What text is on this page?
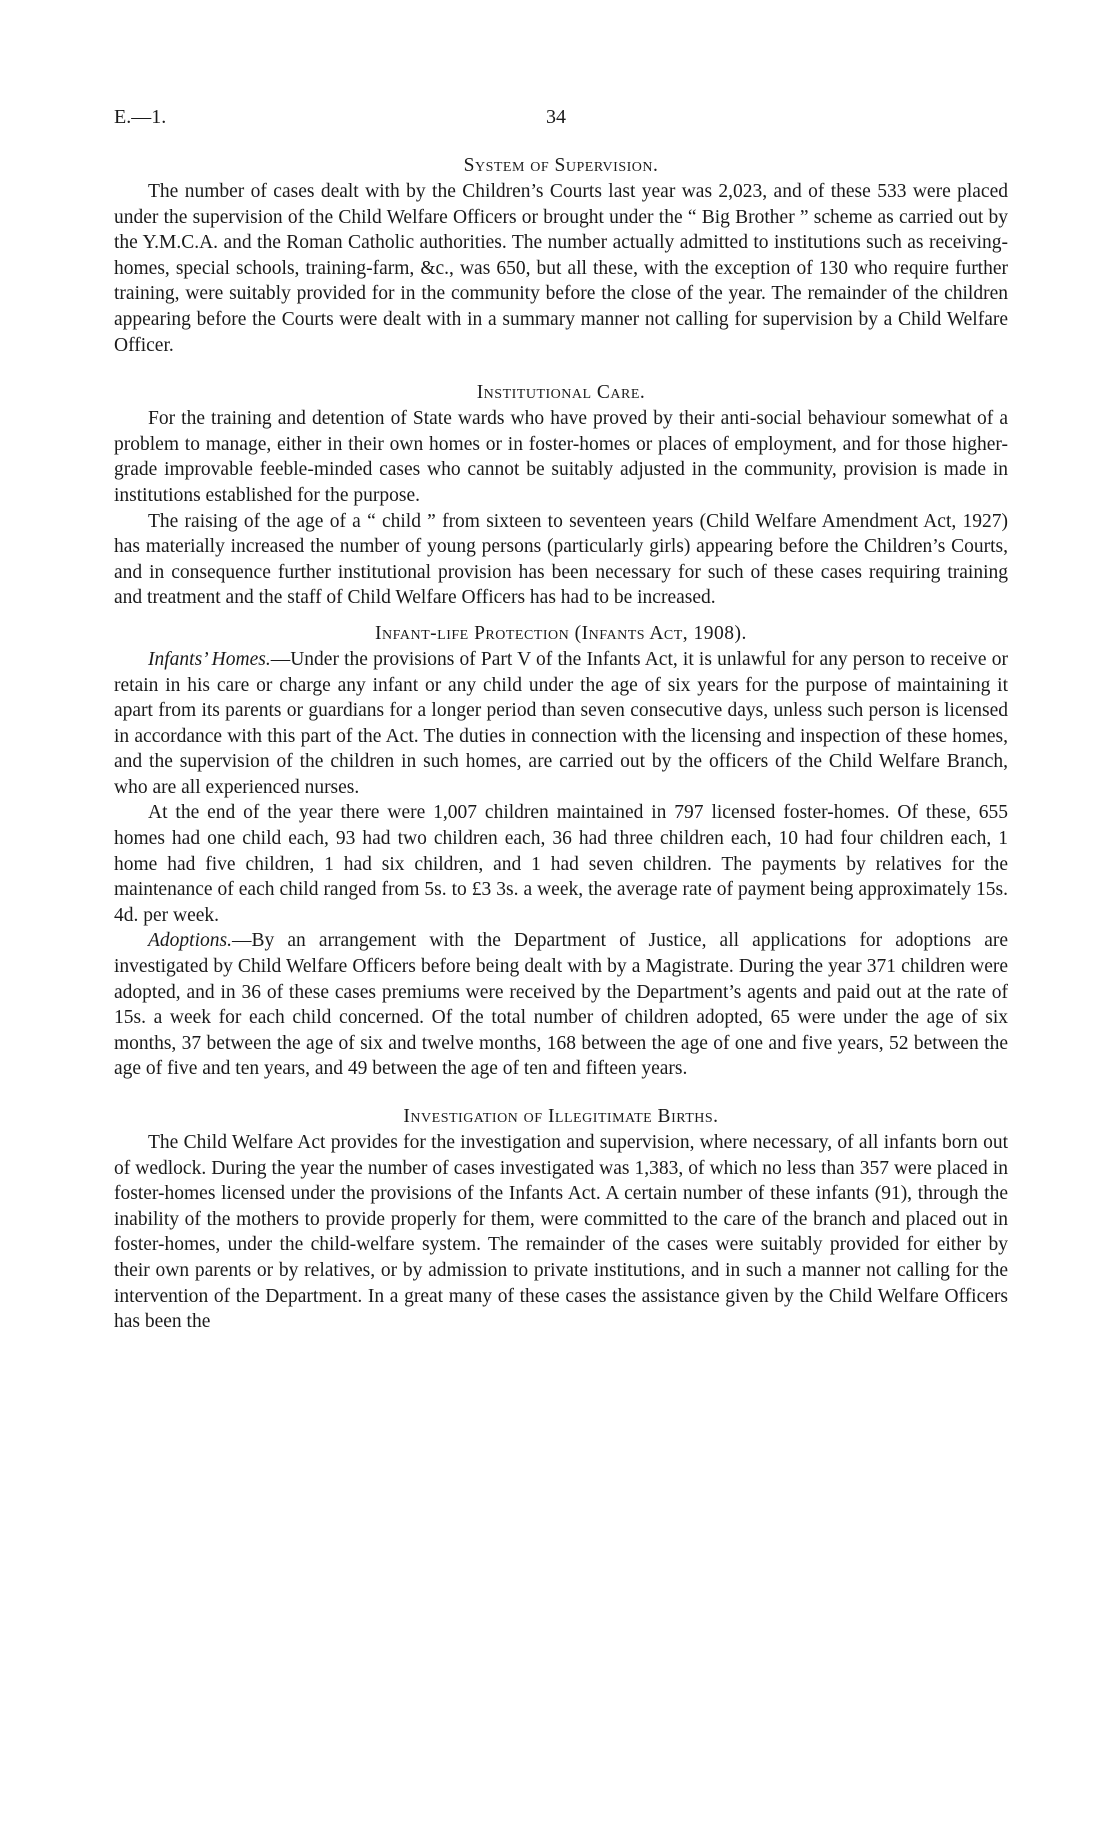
E.—1.	34
System of Supervision.

The number of cases dealt with by the Children’s Courts last year was 2,023, and of these 533 were placed under the supervision of the Child Welfare Officers or brought under the “ Big Brother ” scheme as carried out by the Y.M.C.A. and the Roman Catholic authorities. The number actually admitted to institutions such as receiving-homes, special schools, training-farm, &c., was 650, but all these, with the exception of 130 who require further training, were suitably provided for in the community before the close of the year. The remainder of the children appearing before the Courts were dealt with in a summary manner not calling for supervision by a Child Welfare Officer.

Institutional Care.

For the training and detention of State wards who have proved by their anti-social behaviour somewhat of a problem to manage, either in their own homes or in foster-homes or places of employment, and for those higher-grade improvable feeble-minded cases who cannot be suitably adjusted in the community, provision is made in institutions established for the purpose.

The raising of the age of a “ child ” from sixteen to seventeen years (Child Welfare Amendment Act, 1927) has materially increased the number of young persons (particularly girls) appearing before the Children’s Courts, and in consequence further institutional provision has been necessary for such of these cases requiring training and treatment and the staff of Child Welfare Officers has had to be increased.

Infant-life Protection (Infants Act, 1908).

Infants’ Homes.—Under the provisions of Part V of the Infants Act, it is unlawful for any person to receive or retain in his care or charge any infant or any child under the age of six years for the purpose of maintaining it apart from its parents or guardians for a longer period than seven consecutive days, unless such person is licensed in accordance with this part of the Act. The duties in connection with the licensing and inspection of these homes, and the supervision of the children in such homes, are carried out by the officers of the Child Welfare Branch, who are all experienced nurses.

At the end of the year there were 1,007 children maintained in 797 licensed foster-homes. Of these, 655 homes had one child each, 93 had two children each, 36 had three children each, 10 had four children each, 1 home had five children, 1 had six children, and 1 had seven children. The payments by relatives for the maintenance of each child ranged from 5s. to £3 3s. a week, the average rate of payment being approximately 15s. 4d. per week.

Adoptions.—By an arrangement with the Department of Justice, all applications for adoptions are investigated by Child Welfare Officers before being dealt with by a Magistrate. During the year 371 children were adopted, and in 36 of these cases premiums were received by the Department’s agents and paid out at the rate of 15s. a week for each child concerned. Of the total number of children adopted, 65 were under the age of six months, 37 between the age of six and twelve months, 168 between the age of one and five years, 52 between the age of five and ten years, and 49 between the age of ten and fifteen years.

Investigation of Illegitimate Births.

The Child Welfare Act provides for the investigation and supervision, where necessary, of all infants born out of wedlock. During the year the number of cases investigated was 1,383, of which no less than 357 were placed in foster-homes licensed under the provisions of the Infants Act. A certain number of these infants (91), through the inability of the mothers to provide properly for them, were committed to the care of the branch and placed out in foster-homes, under the child-welfare system. The remainder of the cases were suitably provided for either by their own parents or by relatives, or by admission to private institutions, and in such a manner not calling for the intervention of the Department. In a great many of these cases the assistance given by the Child Welfare Officers has been the
